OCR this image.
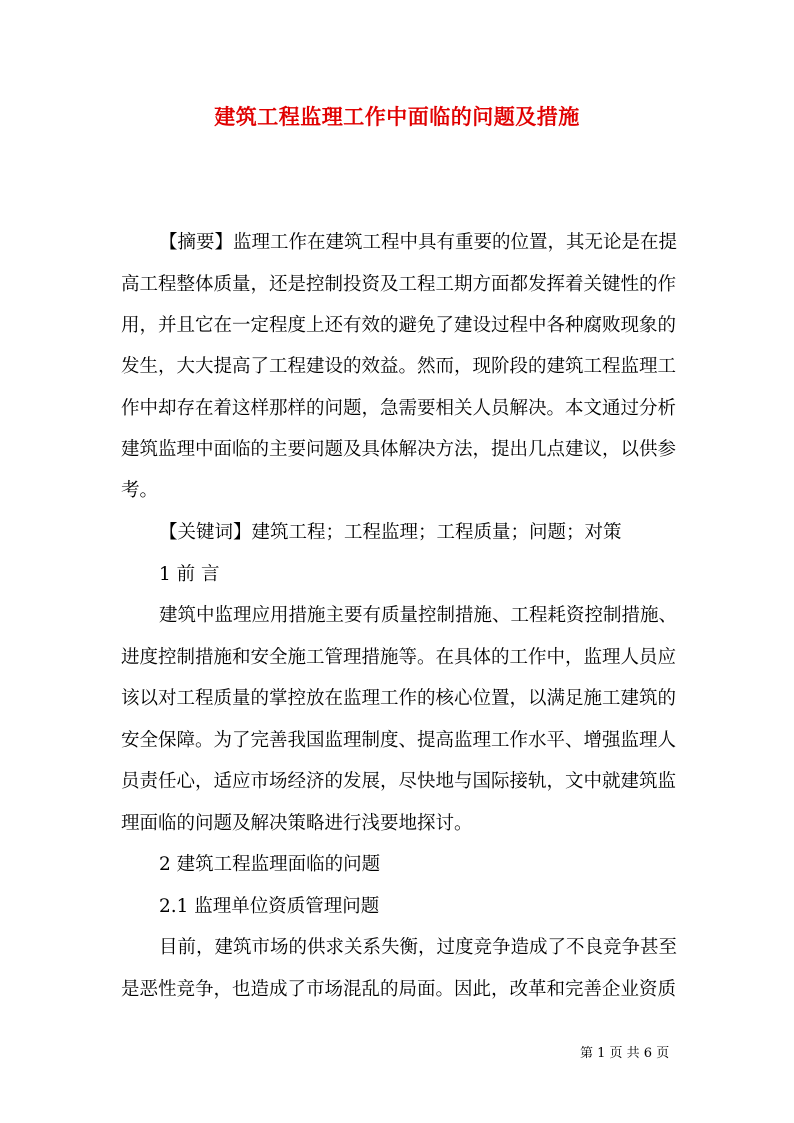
建筑工程监理工作中面临的问题及措施
【摘要】监理工作在建筑工程中具有重要的位置，其无论是在提
高工程整体质量，还是控制投资及工程工期方面都发挥着关键性的作
用，并且它在一定程度上还有效的避免了建设过程中各种腐败现象的
发生，大大提高了工程建设的效益。然而，现阶段的建筑工程监理工
作中却存在着这样那样的问题，急需要相关人员解决。本文通过分析
建筑监理中面临的主要问题及具体解决方法，提出几点建议，以供参
考。
【关键词】建筑工程；工程监理；工程质量；问题；对策
1 前 言
建筑中监理应用措施主要有质量控制措施、工程耗资控制措施、
进度控制措施和安全施工管理措施等。在具体的工作中，监理人员应
该以对工程质量的掌控放在监理工作的核心位置，以满足施工建筑的
安全保障。为了完善我国监理制度、提高监理工作水平、增强监理人
员责任心，适应市场经济的发展，尽快地与国际接轨，文中就建筑监
理面临的问题及解决策略进行浅要地探讨。
2 建筑工程监理面临的问题
2.1 监理单位资质管理问题
目前，建筑市场的供求关系失衡，过度竞争造成了不良竞争甚至
是恶性竞争，也造成了市场混乱的局面。因此，改革和完善企业资质
第 1 页 共 6 页
